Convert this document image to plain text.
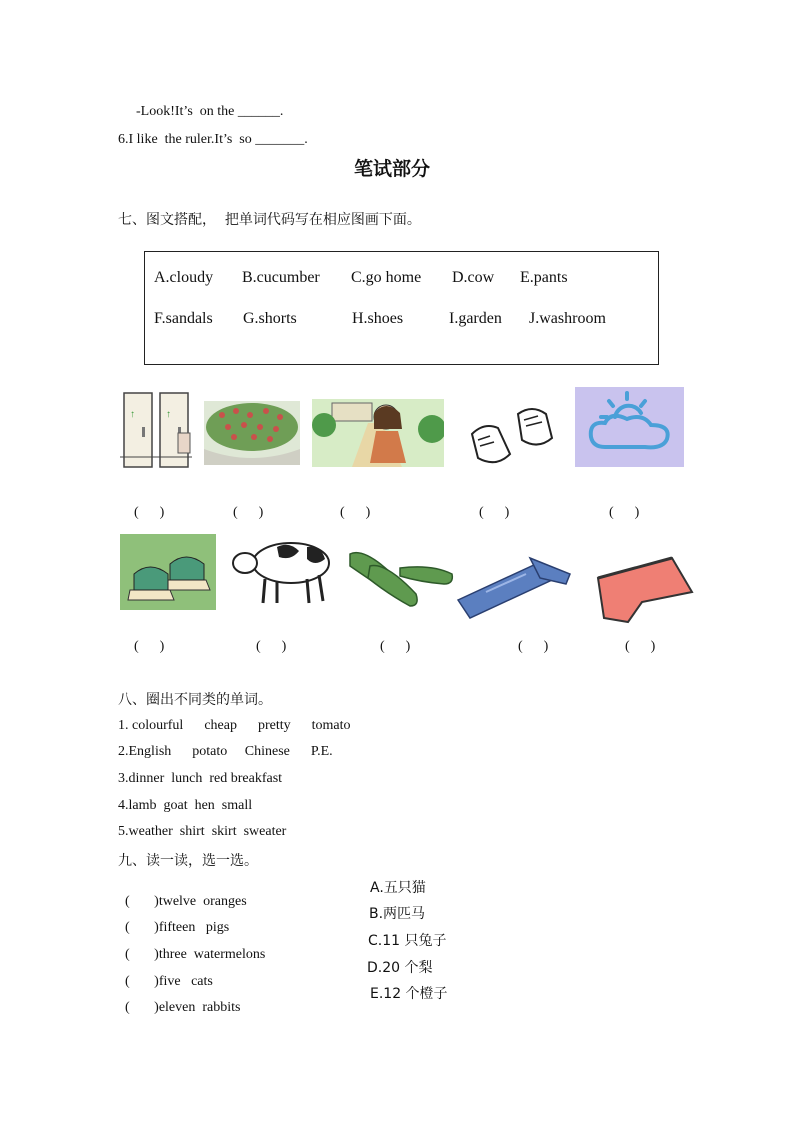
-Look!It’s  on the ______.
6.I like  the ruler.It’s  so _______.
笔试部分
七、图文搭配，  把单词代码写在相应图画下面。
A.cloudy B.cucumber C.go home D.cow E.pants
F.sandals G.shorts	H.shoes	I.garden J.washroom
↑	↑
(      )	(      )	(      )	(      )	(      )
(      )	(      )	(      )	(      )	(      )
八、圈出不同类的单词。
1. colourful      cheap      pretty      tomato
2.English      potato     Chinese      P.E.
3.dinner  lunch  red breakfast
4.lamb  goat  hen  small
5.weather  shirt  skirt  sweater
九、读一读，选一选。

(       )twelve  oranges

A.五只猫

(       )fifteen   pigs

B.两匹马

(       )three  watermelons

C.11 只兔子

(       )five   cats

D.20 个梨

(       )eleven  rabbits

E.12 个橙子
